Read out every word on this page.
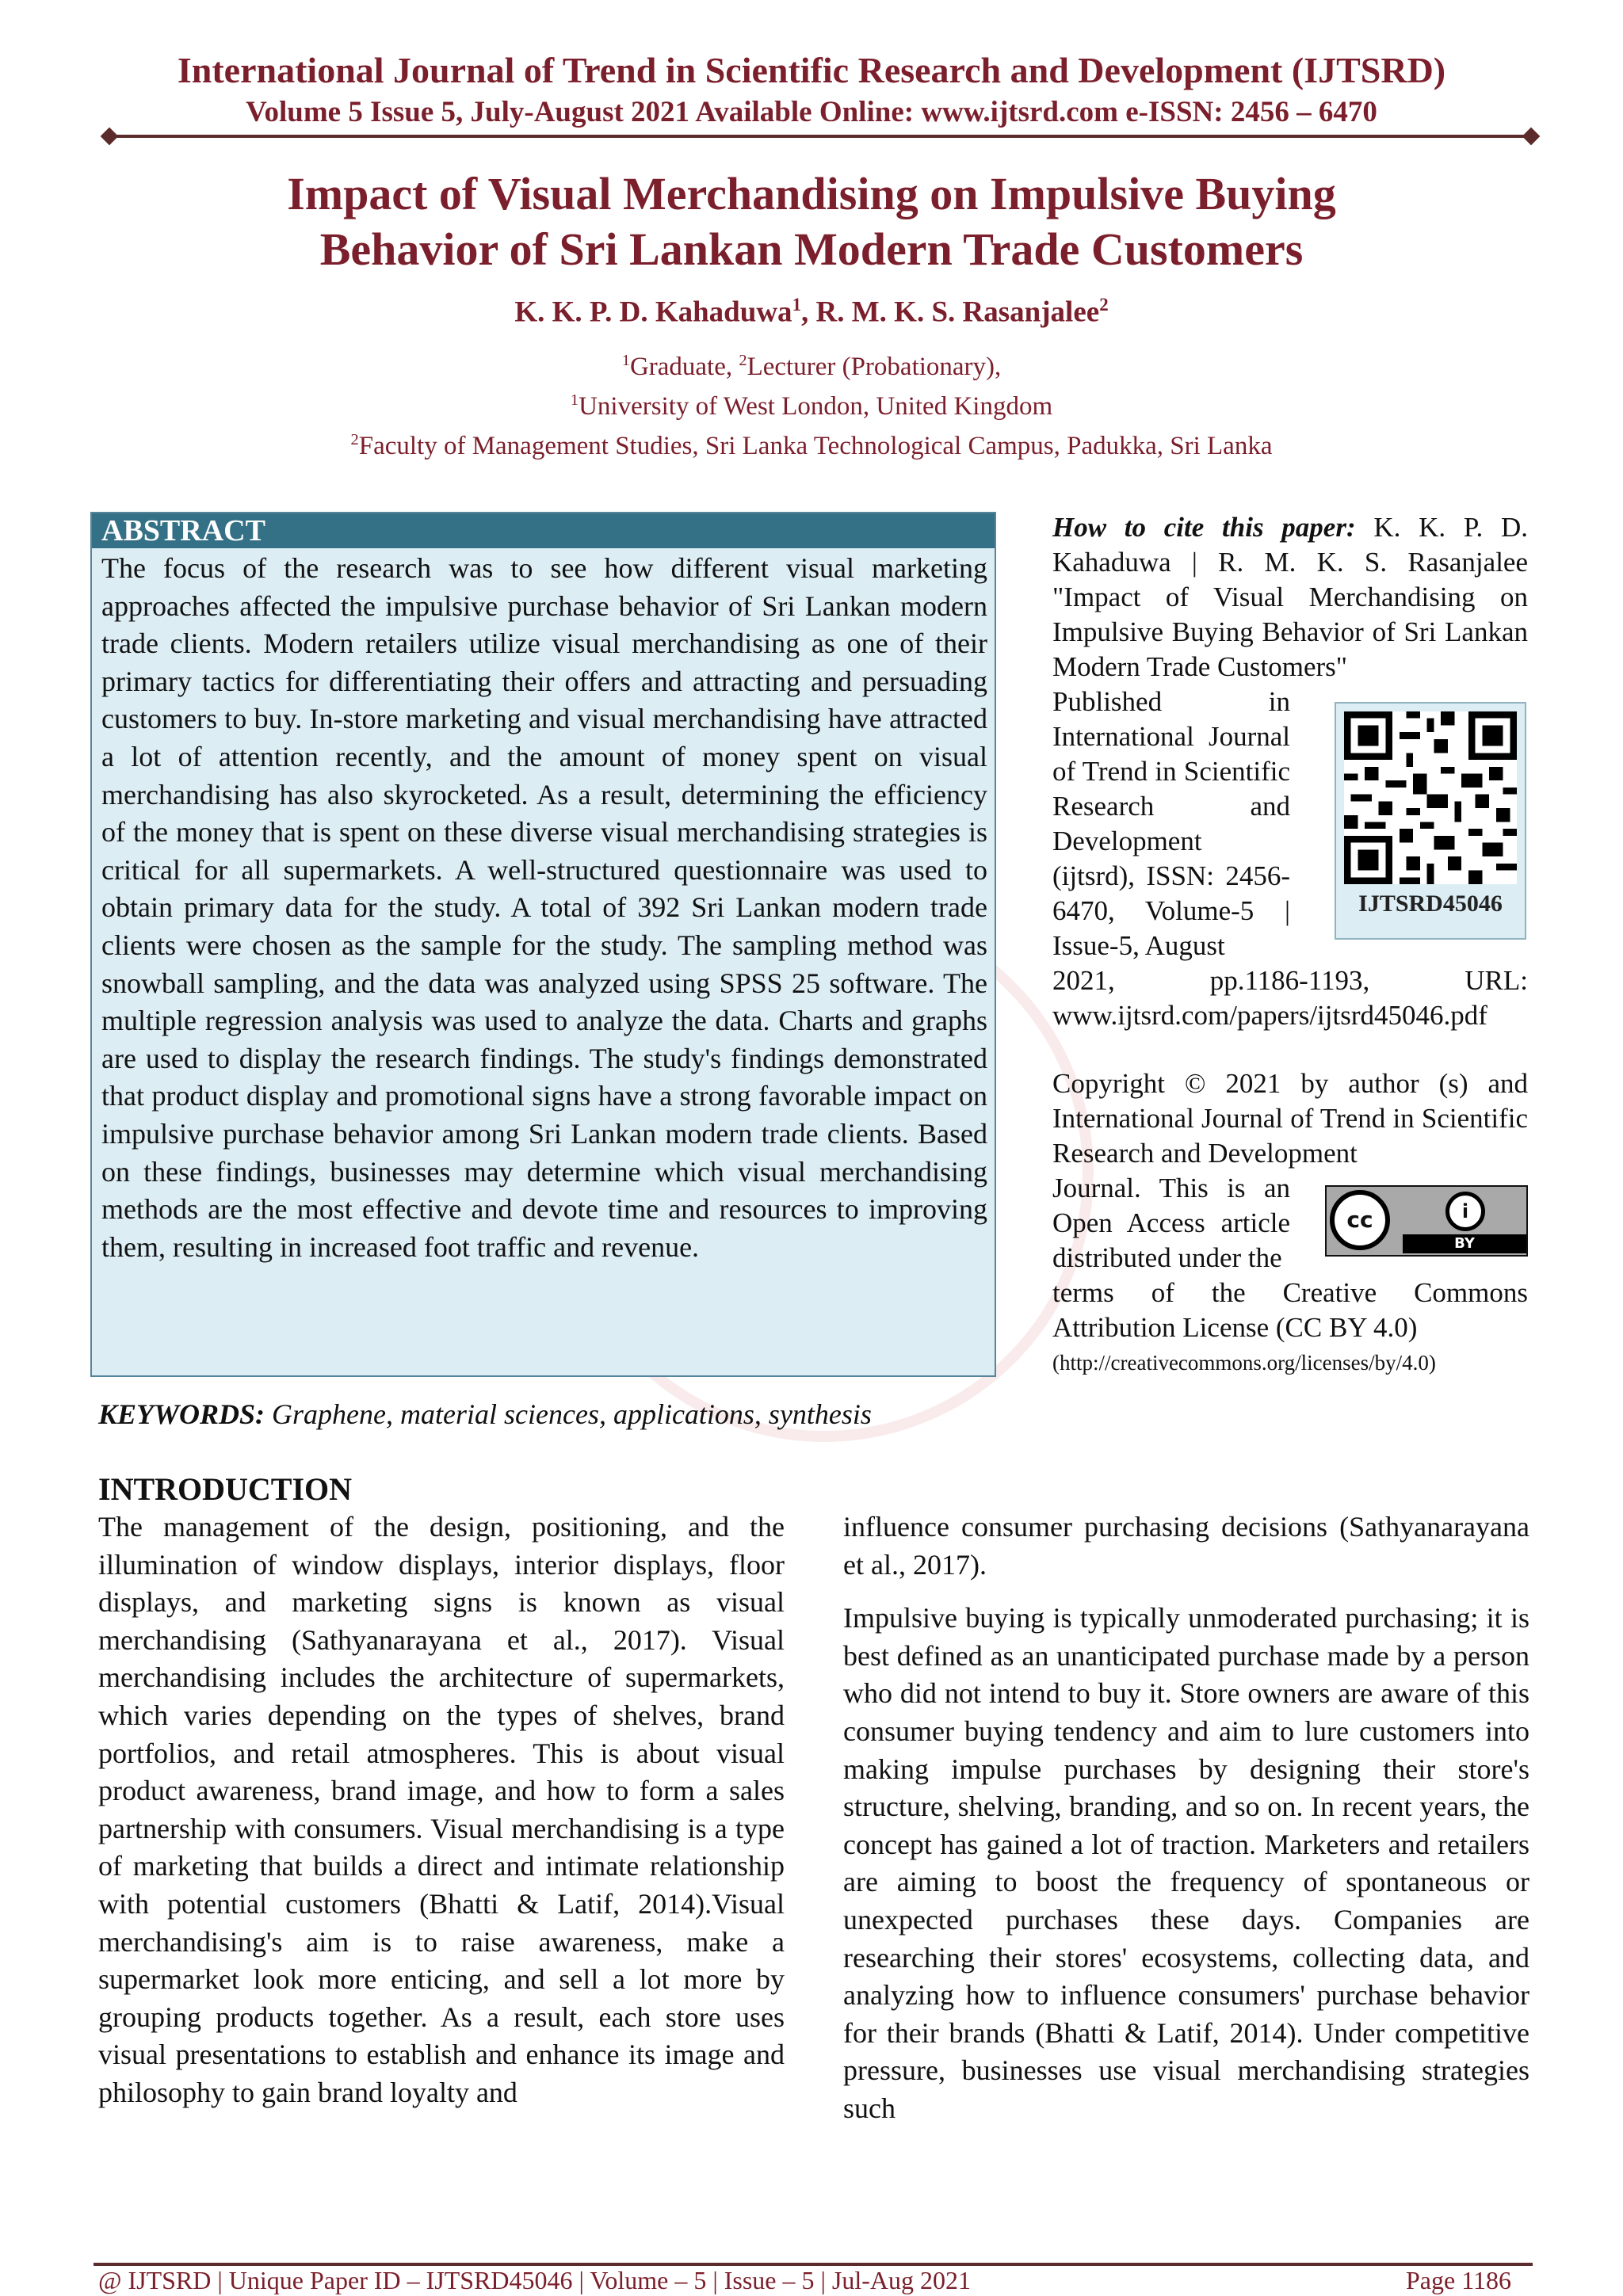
International Journal of Trend in Scientific Research and Development (IJTSRD)
Volume 5 Issue 5, July-August 2021 Available Online: www.ijtsrd.com e-ISSN: 2456 – 6470
Impact of Visual Merchandising on Impulsive Buying
Behavior of Sri Lankan Modern Trade Customers
K. K. P. D. Kahaduwa$^1$, R. M. K. S. Rasanjalee$^2$
$^1$Graduate, $^2$Lecturer (Probationary),
$^1$University of West London, United Kingdom
$^2$Faculty of Management Studies, Sri Lanka Technological Campus, Padukka, Sri Lanka
ABSTRACT
The focus of the research was to see how different visual marketing approaches affected the impulsive purchase behavior of Sri Lankan modern trade clients. Modern retailers utilize visual merchandising as one of their primary tactics for differentiating their offers and attracting and persuading customers to buy. In-store marketing and visual merchandising have attracted a lot of attention recently, and the amount of money spent on visual merchandising has also skyrocketed. As a result, determining the efficiency of the money that is spent on these diverse visual merchandising strategies is critical for all supermarkets. A well-structured questionnaire was used to obtain primary data for the study. A total of 392 Sri Lankan modern trade clients were chosen as the sample for the study. The sampling method was snowball sampling, and the data was analyzed using SPSS 25 software. The multiple regression analysis was used to analyze the data. Charts and graphs are used to display the research findings. The study's findings demonstrated that product display and promotional signs have a strong favorable impact on impulsive purchase behavior among Sri Lankan modern trade clients. Based on these findings, businesses may determine which visual merchandising methods are the most effective and devote time and resources to improving them, resulting in increased foot traffic and revenue.
KEYWORDS: Graphene, material sciences, applications, synthesis
How to cite this paper: K. K. P. D. Kahaduwa | R. M. K. S. Rasanjalee "Impact of Visual Merchandising on Impulsive Buying Behavior of Sri Lankan Modern Trade Customers"
Published in International Journal of Trend in Scientific Research and Development (ijtsrd), ISSN: 2456-6470, Volume-5 | Issue-5, August
2021, pp.1186-1193, URL: www.ijtsrd.com/papers/ijtsrd45046.pdf
IJTSRD45046
Copyright © 2021 by author (s) and International Journal of Trend in Scientific Research and Development
Journal. This is an Open Access article distributed under the
terms of the Creative Commons Attribution License (CC BY 4.0)
(http://creativecommons.org/licenses/by/4.0)
cc	i
BY
INTRODUCTION
The management of the design, positioning, and the illumination of window displays, interior displays, floor displays, and marketing signs is known as visual merchandising (Sathyanarayana et al., 2017). Visual merchandising includes the architecture of supermarkets, which varies depending on the types of shelves, brand portfolios, and retail atmospheres. This is about visual product awareness, brand image, and how to form a sales partnership with consumers. Visual merchandising is a type of marketing that builds a direct and intimate relationship with potential customers (Bhatti & Latif, 2014).Visual merchandising's aim is to raise awareness, make a supermarket look more enticing, and sell a lot more by grouping products together. As a result, each store uses visual presentations to establish and enhance its image and philosophy to gain brand loyalty and

influence consumer purchasing decisions (Sathyanarayana et al., 2017).

Impulsive buying is typically unmoderated purchasing; it is best defined as an unanticipated purchase made by a person who did not intend to buy it. Store owners are aware of this consumer buying tendency and aim to lure customers into making impulse purchases by designing their store's structure, shelving, branding, and so on. In recent years, the concept has gained a lot of traction. Marketers and retailers are aiming to boost the frequency of spontaneous or unexpected purchases these days. Companies are researching their stores' ecosystems, collecting data, and analyzing how to influence consumers' purchase behavior for their brands (Bhatti & Latif, 2014). Under competitive pressure, businesses use visual merchandising strategies such

@ IJTSRD | Unique Paper ID – IJTSRD45046 | Volume – 5 | Issue – 5 | Jul-Aug 2021	Page 1186
